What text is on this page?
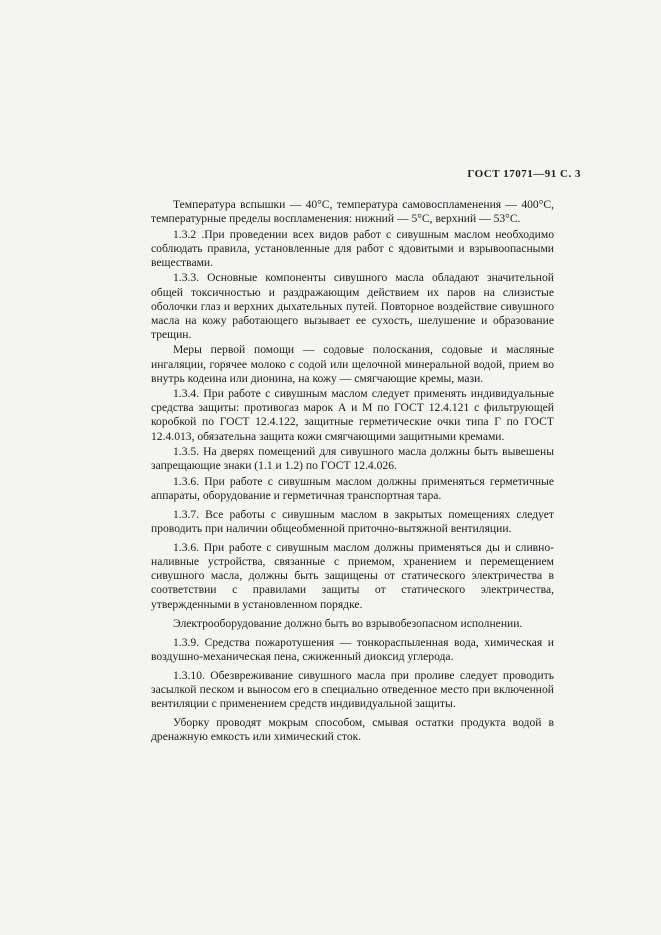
ГОСТ 17071—91 С. 3

Температура вспышки — 40°С, температура самовоспламенения — 400°С, температурные пределы воспламенения: нижний — 5°С, верхний — 53°С.

1.3.2 .При проведении всех видов работ с сивушным маслом необходимо соблюдать правила, установленные для работ с ядовитыми и взрывоопасными веществами.

1.3.3. Основные компоненты сивушного масла обладают значительной общей токсичностью и раздражающим действием их паров на слизистые оболочки глаз и верхних дыхательных путей. Повторное воздействие сивушного масла на кожу работающего вызывает ее сухость, шелушение и образование трещин.

Меры первой помощи — содовые полоскания, содовые и масляные ингаляции, горячее молоко с содой или щелочной минеральной водой, прием во внутрь кодеина или дионина, на кожу — смягчающие кремы, мази.

1.3.4. При работе с сивушным маслом следует применять индивидуальные средства защиты: противогаз марок А и М по ГОСТ 12.4.121 с фильтрующей коробкой по ГОСТ 12.4.122, защитные герметические очки типа Г по ГОСТ 12.4.013, обязательна защита кожи смягчающими защитными кремами.

1.3.5. На дверях помещений для сивушного масла должны быть вывешены запрещающие знаки (1.1 и 1.2) по ГОСТ 12.4.026.

1.3.6. При работе с сивушным маслом должны применяться герметичные аппараты, оборудование и герметичная транспортная тара.

1.3.7. Все работы с сивушным маслом в закрытых помещениях следует проводить при наличии общеобменной приточно-вытяжной вентиляции.

1.3.6. При работе с сивушным маслом должны применяться ды и сливно-наливные устройства, связанные с приемом, хранением и перемещением сивушного масла, должны быть защищены от статического электричества в соответствии с правилами защиты от статического электричества, утвержденными в установленном порядке.

Электрооборудование должно быть во взрывобезопасном исполнении.

1.3.9. Средства пожаротушения — тонкораспыленная вода, химическая и воздушно-механическая пена, сжиженный диоксид углерода.

1.3.10. Обезвреживание сивушного масла при проливе следует проводить засылкой песком и выносом его в специально отведенное место при включенной вентиляции с применением средств индивидуальной защиты.

Уборку проводят мокрым способом, смывая остатки продукта водой в дренажную емкость или химический сток.
